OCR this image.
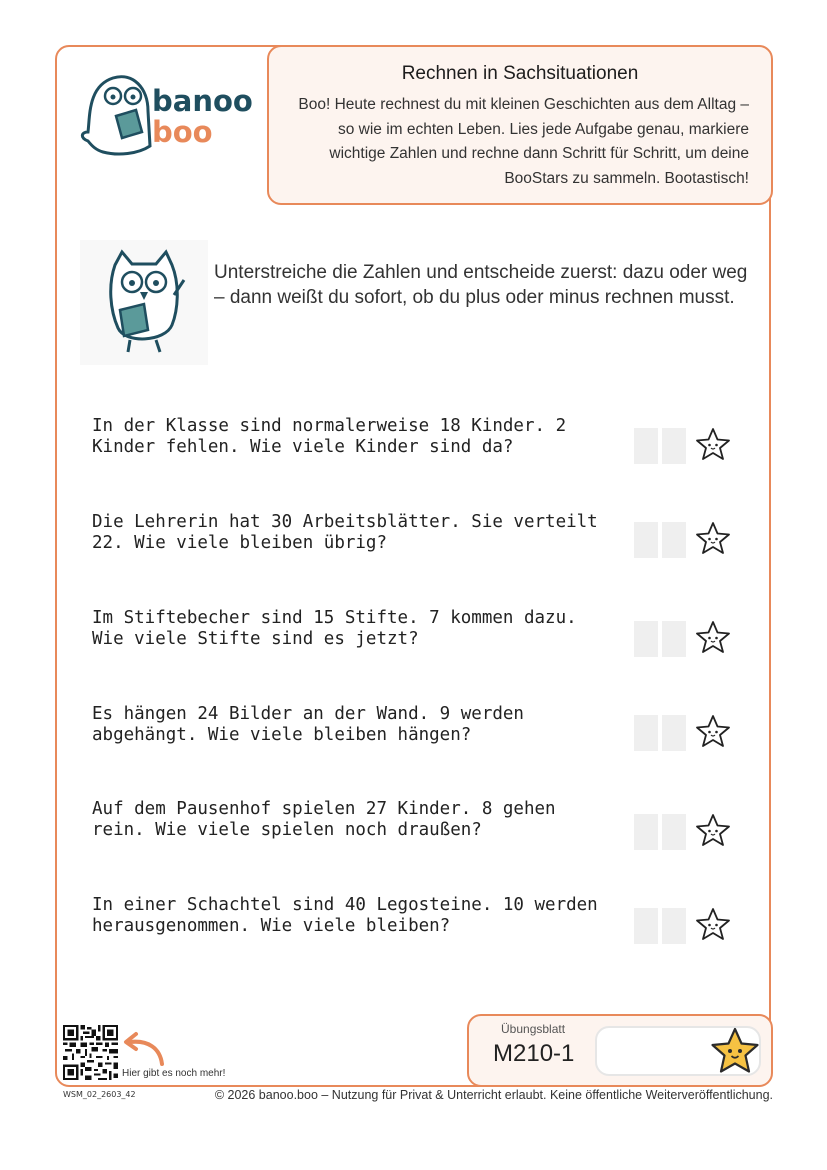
banoo
boo
Rechnen in Sachsituationen
Boo! Heute rechnest du mit kleinen Geschichten aus dem Alltag – so wie im echten Leben. Lies jede Aufgabe genau, markiere wichtige Zahlen und rechne dann Schritt für Schritt, um deine BooStars zu sammeln. Bootastisch!
Unterstreiche die Zahlen und entscheide zuerst: dazu oder weg – dann weißt du sofort, ob du plus oder minus rechnen musst.
In der Klasse sind normalerweise 18 Kinder. 2 Kinder fehlen. Wie viele Kinder sind da?
Die Lehrerin hat 30 Arbeitsblätter. Sie verteilt 22. Wie viele bleiben übrig?
Im Stiftebecher sind 15 Stifte. 7 kommen dazu. Wie viele Stifte sind es jetzt?
Es hängen 24 Bilder an der Wand. 9 werden abgehängt. Wie viele bleiben hängen?
Auf dem Pausenhof spielen 27 Kinder. 8 gehen rein. Wie viele spielen noch draußen?
In einer Schachtel sind 40 Legosteine. 10 werden herausgenommen. Wie viele bleiben?
Hier gibt es noch mehr!
WSM_02_2603_42	© 2026 banoo.boo – Nutzung für Privat & Unterricht erlaubt. Keine öffentliche Weiterveröffentlichung.
Übungsblatt
M210-1
